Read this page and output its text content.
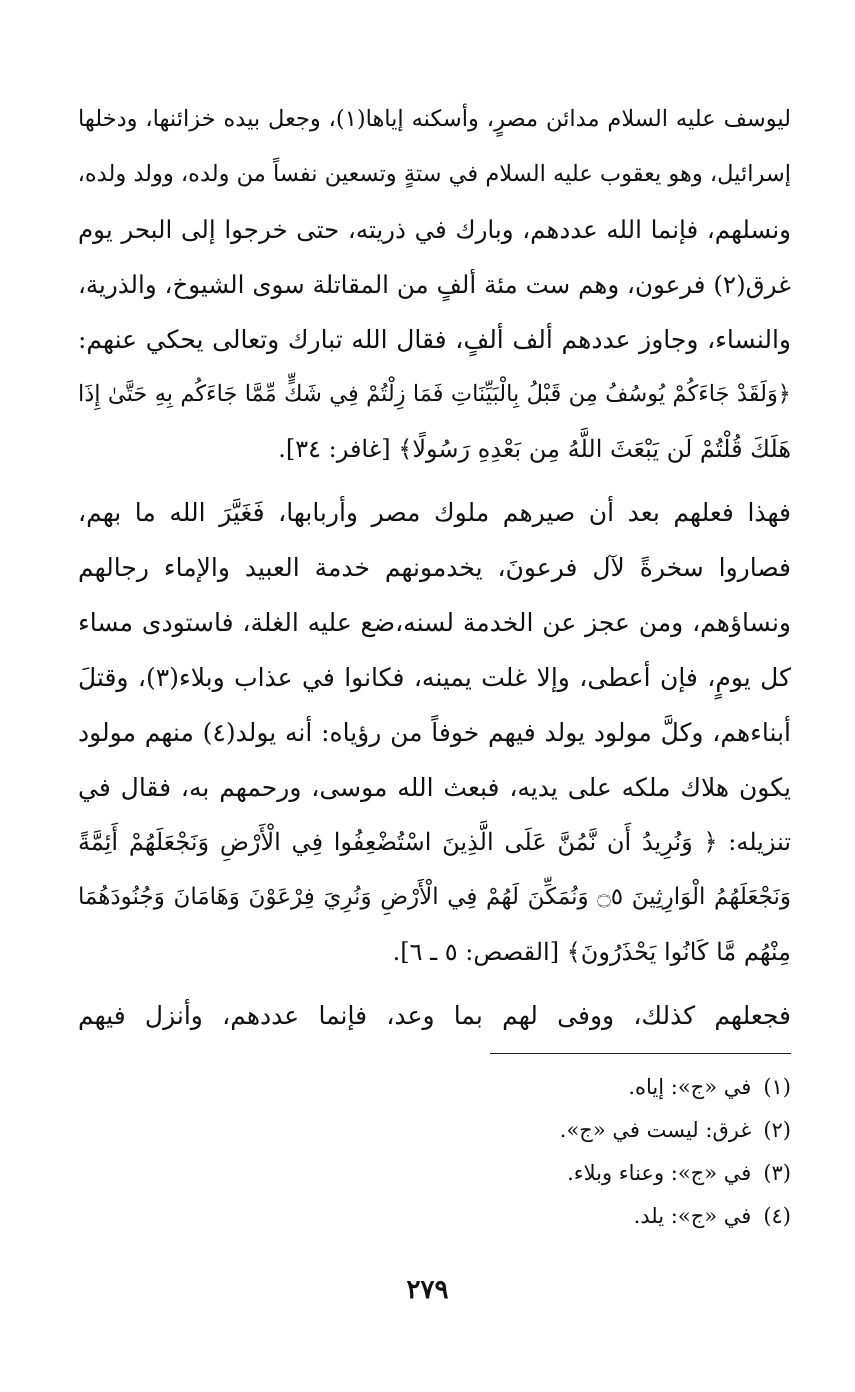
ليوسف عليه السلام مدائن مصرٍ، وأسكنه إياها(١)، وجعل بيده خزائنها، ودخلها
إسرائيل، وهو يعقوب عليه السلام في ستةٍ وتسعين نفساً من ولده، وولد ولده،
ونسلهم، فإنما الله عددهم، وبارك في ذريته، حتى خرجوا إلى البحر يوم
غرق(٢) فرعون، وهم ست مئة ألفٍ من المقاتلة سوى الشيوخ، والذرية،
والنساء، وجاوز عددهم ألف ألفٍ، فقال الله تبارك وتعالى يحكي عنهم:
﴿وَلَقَدْ جَاءَكُمْ يُوسُفُ مِن قَبْلُ بِالْبَيِّنَاتِ فَمَا زِلْتُمْ فِي شَكٍّ مِّمَّا جَاءَكُم بِهِ حَتَّىٰ إِذَا
هَلَكَ قُلْتُمْ لَن يَبْعَثَ اللَّهُ مِن بَعْدِهِ رَسُولًا﴾ [غافر: ٣٤].
فهذا فعلهم بعد أن صيرهم ملوك مصر وأربابها، فَغَيَّرَ الله ما بهم،
فصاروا سخرةً لآل فرعونَ، يخدمونهم خدمة العبيد والإماء رجالهم
ونساؤهم، ومن عجز عن الخدمة لسنه،ضع عليه الغلة، فاستودى مساء
كل يومٍ، فإن أعطى، وإلا غلت يمينه، فكانوا في عذاب وبلاء(٣)، وقتلَ
أبناءهم، وكلَّ مولود يولد فيهم خوفاً من رؤياه: أنه يولد(٤) منهم مولود
يكون هلاك ملكه على يديه، فبعث الله موسى، ورحمهم به، فقال في
تنزيله: ﴿ وَنُرِيدُ أَن نَّمُنَّ عَلَى الَّذِينَ اسْتُضْعِفُوا فِي الْأَرْضِ وَنَجْعَلَهُمْ أَئِمَّةً
وَنَجْعَلَهُمُ الْوَارِثِينَ ۝٥ وَنُمَكِّنَ لَهُمْ فِي الْأَرْضِ وَنُرِيَ فِرْعَوْنَ وَهَامَانَ وَجُنُودَهُمَا
مِنْهُم مَّا كَانُوا يَحْذَرُونَ﴾ [القصص: ٥ ـ ٦].
فجعلهم كذلك، ووفى لهم بما وعد، فإنما عددهم، وأنزل فيهم
(١)في «ج»: إياه.
(٢)غرق: ليست في «ج».
(٣)في «ج»: وعناء وبلاء.
(٤)في «ج»: يلد.
٢٧٩
